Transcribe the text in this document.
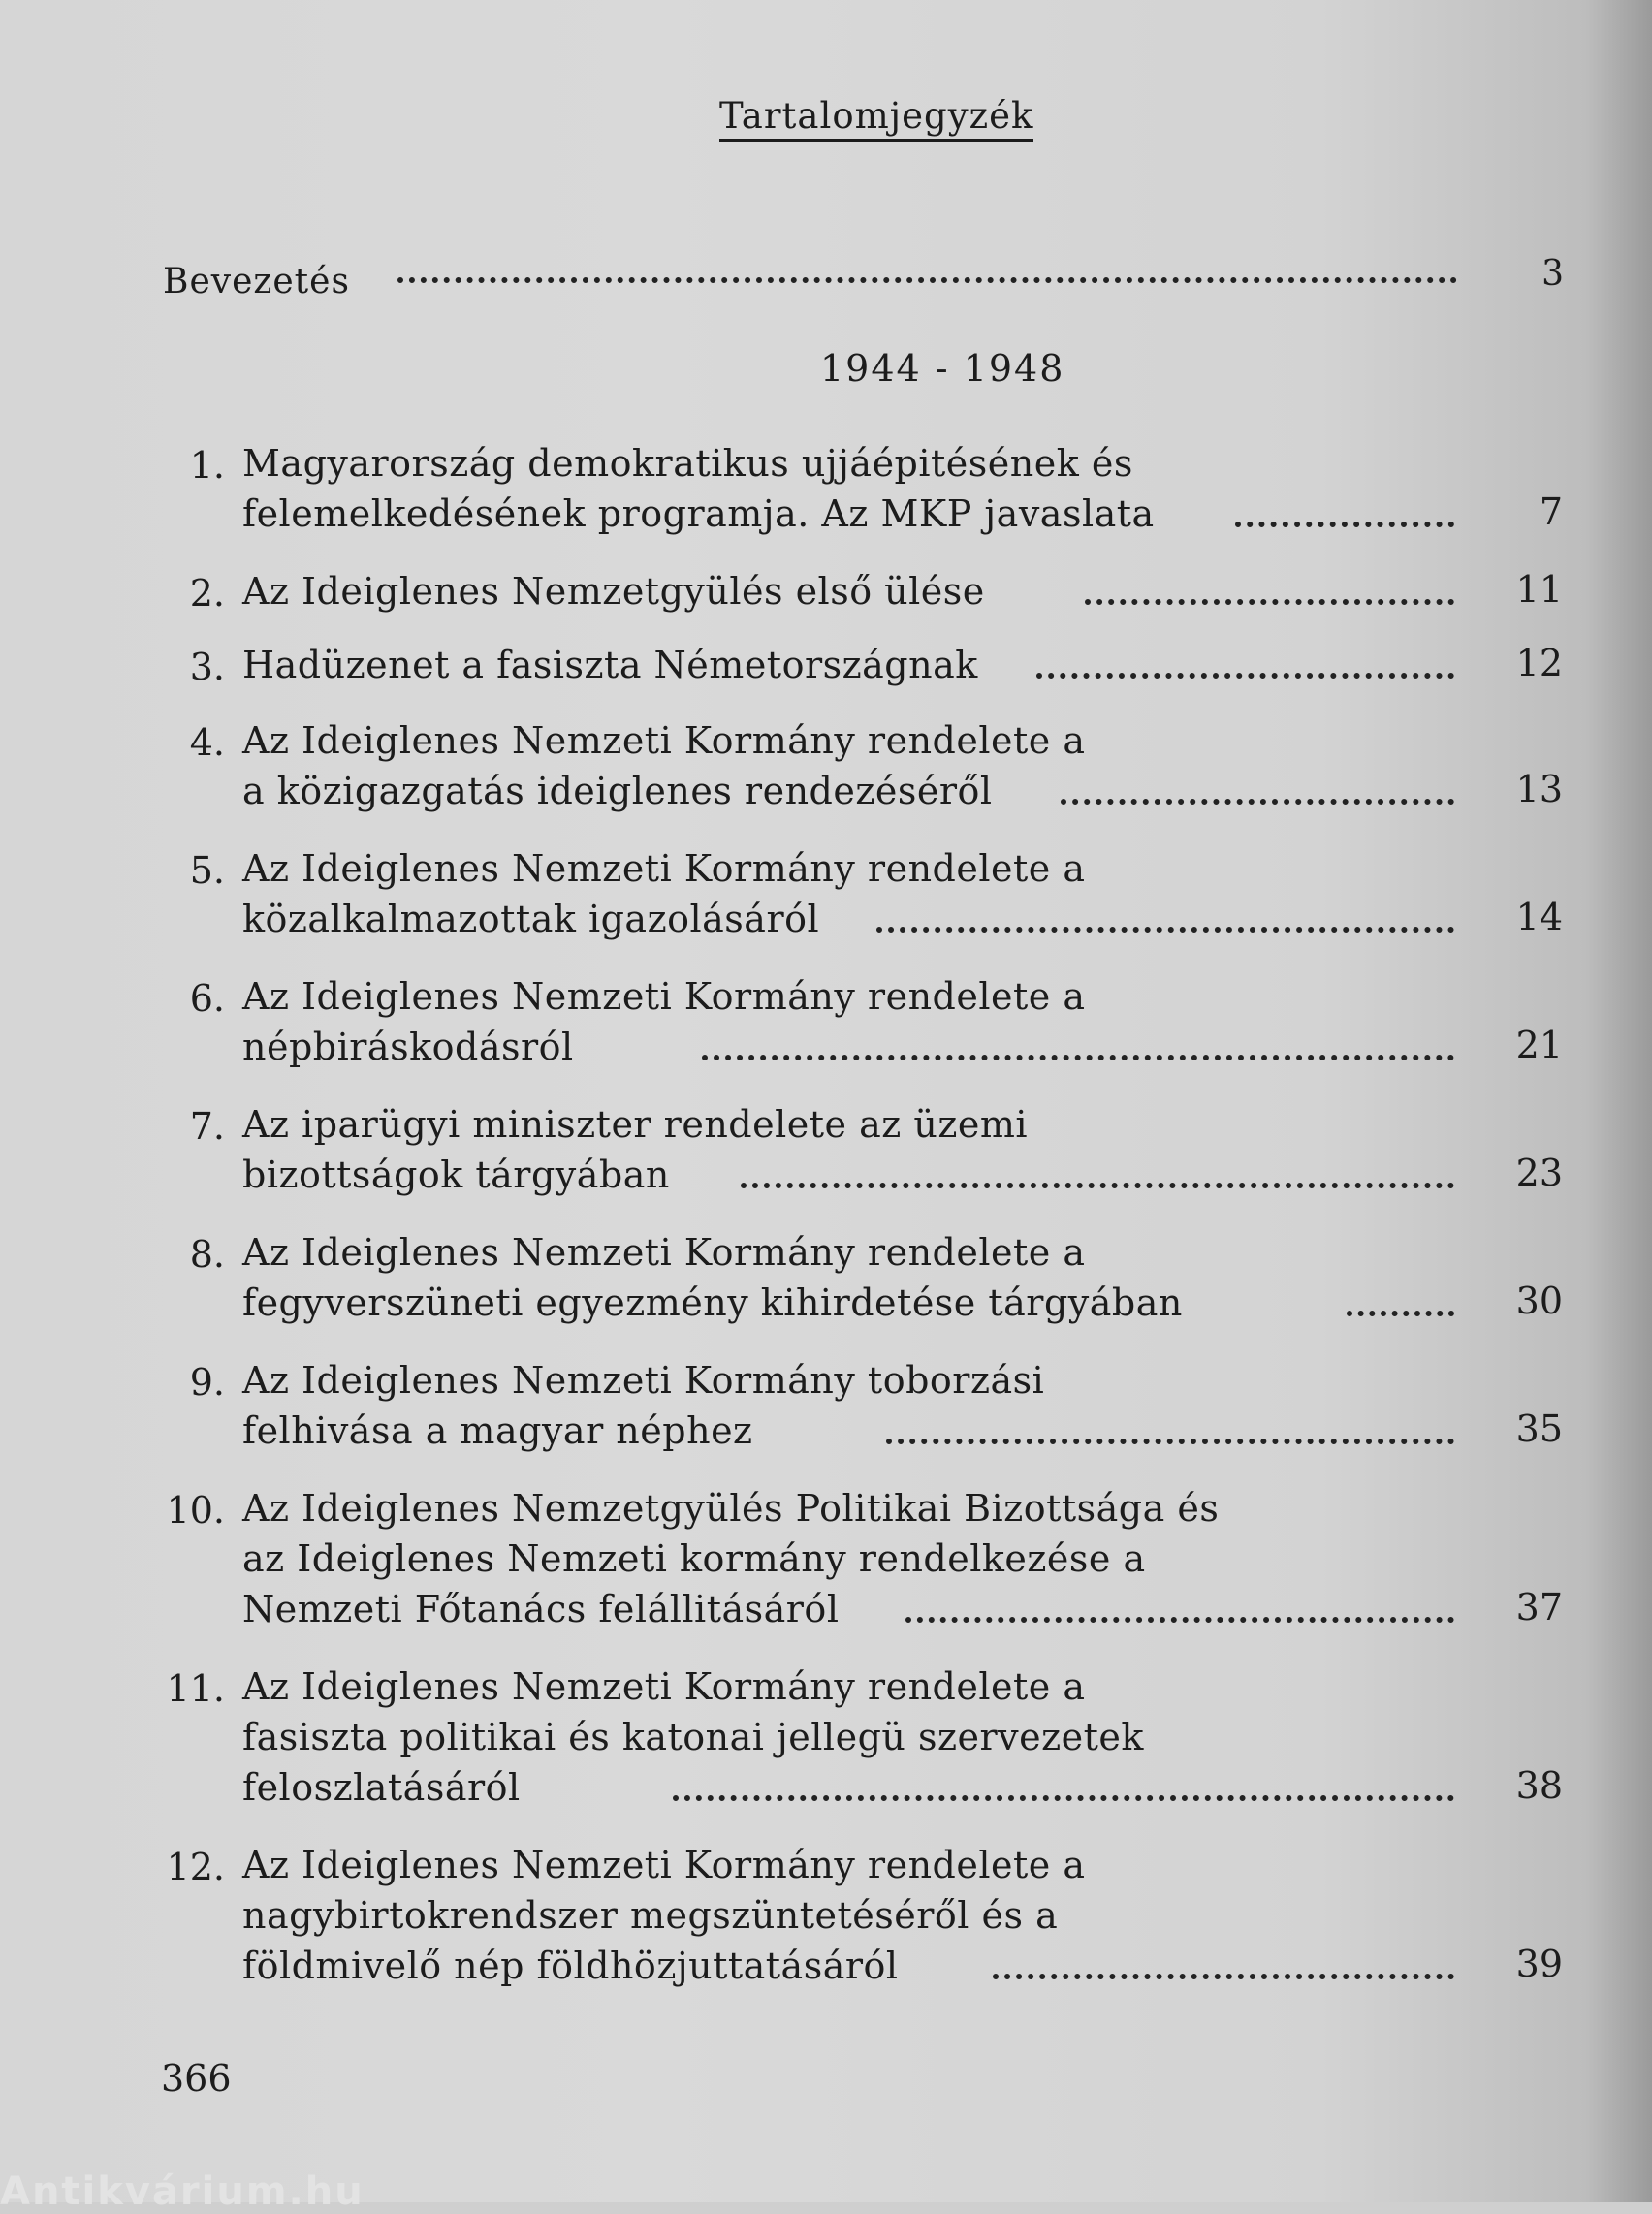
Tartalomjegyzék
Bevezetés	3
1944 - 1948
1. Magyarország demokratikus ujjáépitésének és
felemelkedésének programja. Az MKP javaslata	7
2. Az Ideiglenes Nemzetgyülés első ülése	11
3. Hadüzenet a fasiszta Németországnak	12
4. Az Ideiglenes Nemzeti Kormány rendelete a
a közigazgatás ideiglenes rendezéséről	13
5. Az Ideiglenes Nemzeti Kormány rendelete a
közalkalmazottak igazolásáról	14
6. Az Ideiglenes Nemzeti Kormány rendelete a
népbiráskodásról	21
7. Az iparügyi miniszter rendelete az üzemi
bizottságok tárgyában	23
8. Az Ideiglenes Nemzeti Kormány rendelete a
fegyverszüneti egyezmény kihirdetése tárgyában	30
9. Az Ideiglenes Nemzeti Kormány toborzási
felhivása a magyar néphez	35
10. Az Ideiglenes Nemzetgyülés Politikai Bizottsága és
az Ideiglenes Nemzeti kormány rendelkezése a
Nemzeti Főtanács felállitásáról	37
11. Az Ideiglenes Nemzeti Kormány rendelete a
fasiszta politikai és katonai jellegü szervezetek
feloszlatásáról	38
12. Az Ideiglenes Nemzeti Kormány rendelete a
nagybirtokrendszer megszüntetéséről és a
földmivelő nép földhözjuttatásáról	39
366
Antikvárium.hu
